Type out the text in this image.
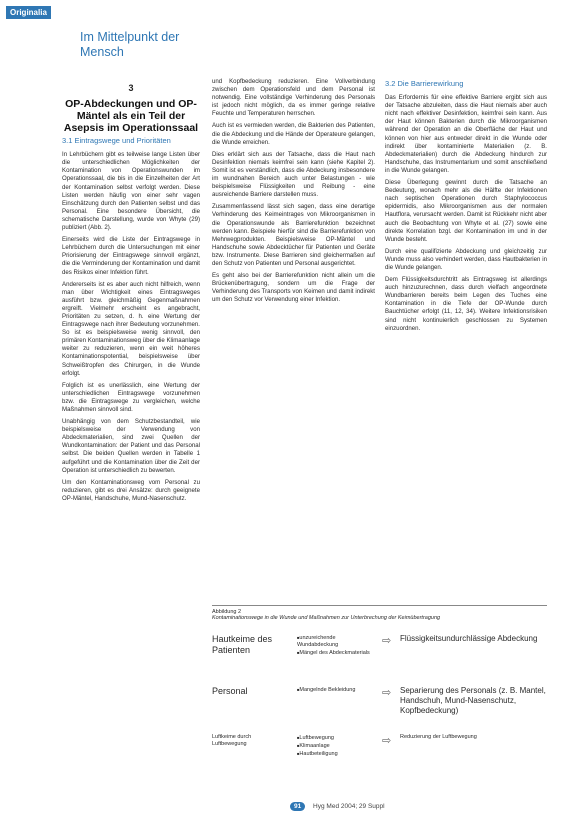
Originalia
Im Mittelpunkt der Mensch
3
OP-Abdeckungen und OP-Mäntel als ein Teil der Asepsis im Operationssaal
3.1 Eintragswege und Prioritäten

In Lehrbüchern gibt es teilweise lange Listen über die unterschiedlichen Möglichkeiten der Kontamination von Operationswunden im Operationssaal, die bis in die Einzelheiten der Art der Kontamination selbst verfolgt werden. Diese Listen werden häufig von einer sehr vagen Einschätzung durch den Patienten selbst und das Personal. Eine besondere Übersicht, die schematische Darstellung, wurde von Whyte (29) publiziert (Abb. 2).

Einerseits wird die Liste der Eintragswege in Lehrbüchern durch die Untersuchungen mit einer Priorisierung der Eintragswege sinnvoll ergänzt, die die Verminderung der Kontamination und damit des Risikos einer Infektion führt.

Andererseits ist es aber auch nicht hilfreich, wenn man über Wichtigkeit eines Eintragsweges ausführt bzw. gleichmäßig Gegenmaßnahmen ergreift. Vielmehr erscheint es angebracht, Prioritäten zu setzen, d. h. eine Wertung der Eintragswege nach ihrer Bedeutung vorzunehmen. So ist es beispielsweise wenig sinnvoll, den primären Kontaminationsweg über die Klimaanlage weiter zu reduzieren, wenn ein weit höheres Kontaminationspotential, beispielsweise über Schweißtropfen des Chirurgen, in die Wunde erfolgt.

Folglich ist es unerlässlich, eine Wertung der unterschiedlichen Eintragswege vorzunehmen bzw. die Eintragswege zu vergleichen, welche Maßnahmen sinnvoll sind.

Unabhängig von dem Schutzbestandteil, wie beispielsweise der Verwendung von Abdeckmaterialien, sind zwei Quellen der Wundkontamination: der Patient und das Personal selbst. Die beiden Quellen werden in Tabelle 1 aufgeführt und die Kontamination über die Zeit der Operation ist unterschiedlich zu bewerten.

Um den Kontaminationsweg vom Personal zu reduzieren, gibt es drei Ansätze: durch geeignete OP-Mäntel, Handschuhe, Mund-Nasenschutz.

und Kopfbedeckung reduzieren. Eine Vollverbindung zwischen dem Operationsfeld und dem Personal ist notwendig. Eine vollständige Verhinderung des Personals ist jedoch nicht möglich, da es immer geringe relative Feuchte und Temperaturen herrschen.

Auch ist es vermieden werden, die Bakterien des Patienten, die die Abdeckung und die Hände der Operateure gelangen, die Wunde erreichen.

Dies erklärt sich aus der Tatsache, dass die Haut nach Desinfektion niemals keimfrei sein kann (siehe Kapitel 2). Somit ist es verständlich, dass die Abdeckung insbesondere im wundnahen Bereich auch unter Belastungen - wie beispielsweise Flüssigkeiten und Reibung - eine ausreichende Barriere darstellen muss.

Zusammenfassend lässt sich sagen, dass eine derartige Verhinderung des Keimeintrages von Mikroorganismen in die Operationswunde als Barrierefunktion bezeichnet werden kann. Beispiele hierfür sind die Barrierefunktion von Mehrwegprodukten. Beispielsweise OP-Mäntel und Handschuhe sowie Abdecktücher für Patienten und Geräte bzw. Instrumente. Diese Barrieren sind gleichermaßen auf den Schutz von Patienten und Personal ausgerichtet.

Es geht also bei der Barrierefunktion nicht allein um die Brückenübertragung, sondern um die Frage der Verhinderung des Transports von Keimen und damit indirekt um den Schutz vor Verwendung einer Infektion.

3.2 Die Barrierewirkung

Das Erfordernis für eine effektive Barriere ergibt sich aus der Tatsache abzuleiten, dass die Haut niemals aber auch nicht nach effektiver Desinfektion, keimfrei sein kann. Aus der Haut können Bakterien durch die Mikroorganismen während der Operation an die Oberfläche der Haut und können von hier aus entweder direkt in die Wunde oder indirekt über kontaminierte Materialien (z. B. Abdeckmaterialien) durch die Abdeckung hindurch zur Handschuhe, das Instrumentarium und somit anschließend in die Wunde gelangen.

Diese Überlegung gewinnt durch die Tatsache an Bedeutung, wonach mehr als die Hälfte der Infektionen nach septischen Operationen durch Staphylococcus epidermidis, also Mikroorganismen aus der normalen Hautflora, verursacht werden. Damit ist Rückkehr nicht aber auch die Beobachtung von Whyte et al. (27) sowie eine direkte Korrelation bzgl. der Kontamination im und in der Wunde besteht.

Durch eine qualifizierte Abdeckung und gleichzeitig zur Wunde muss also verhindert werden, dass Hautbakterien in die Wunde gelangen.

Dem Flüssigkeitsdurchtritt als Eintragsweg ist allerdings auch hinzuzurechnen, dass durch vielfach angeordnete Wundbarrieren bereits beim Legen des Tuches eine Kontamination in die Tiefe der OP-Wunde durch Bauchtücher erfolgt (11, 12, 34). Weitere Infektionsrisiken sind nicht kontinuierlich geschlossen zu Systemen einzuordnen.

Abbildung 2
Kontaminationswege in die Wunde und Maßnahmen zur Unterbrechung der Keimübertragung
Hautkeime des Patienten
■ unzureichende Wundabdeckung
■ Mängel des Abdeckmaterials
⇨ Flüssigkeitsundurchlässige Abdeckung
Personal
■	Mangelnde Bekleidung	⇨ Separierung des Personals (z. B. Mantel, Handschuh, Mund-Nasenschutz, Kopfbedeckung)
Luftkeime durch Luftbewegung
■ Luftbewegung
■ Klimaanlage
■ Hautbeteiligung
⇨ Reduzierung der Luftbewegung
91 Hyg Med 2004; 29 Suppl
